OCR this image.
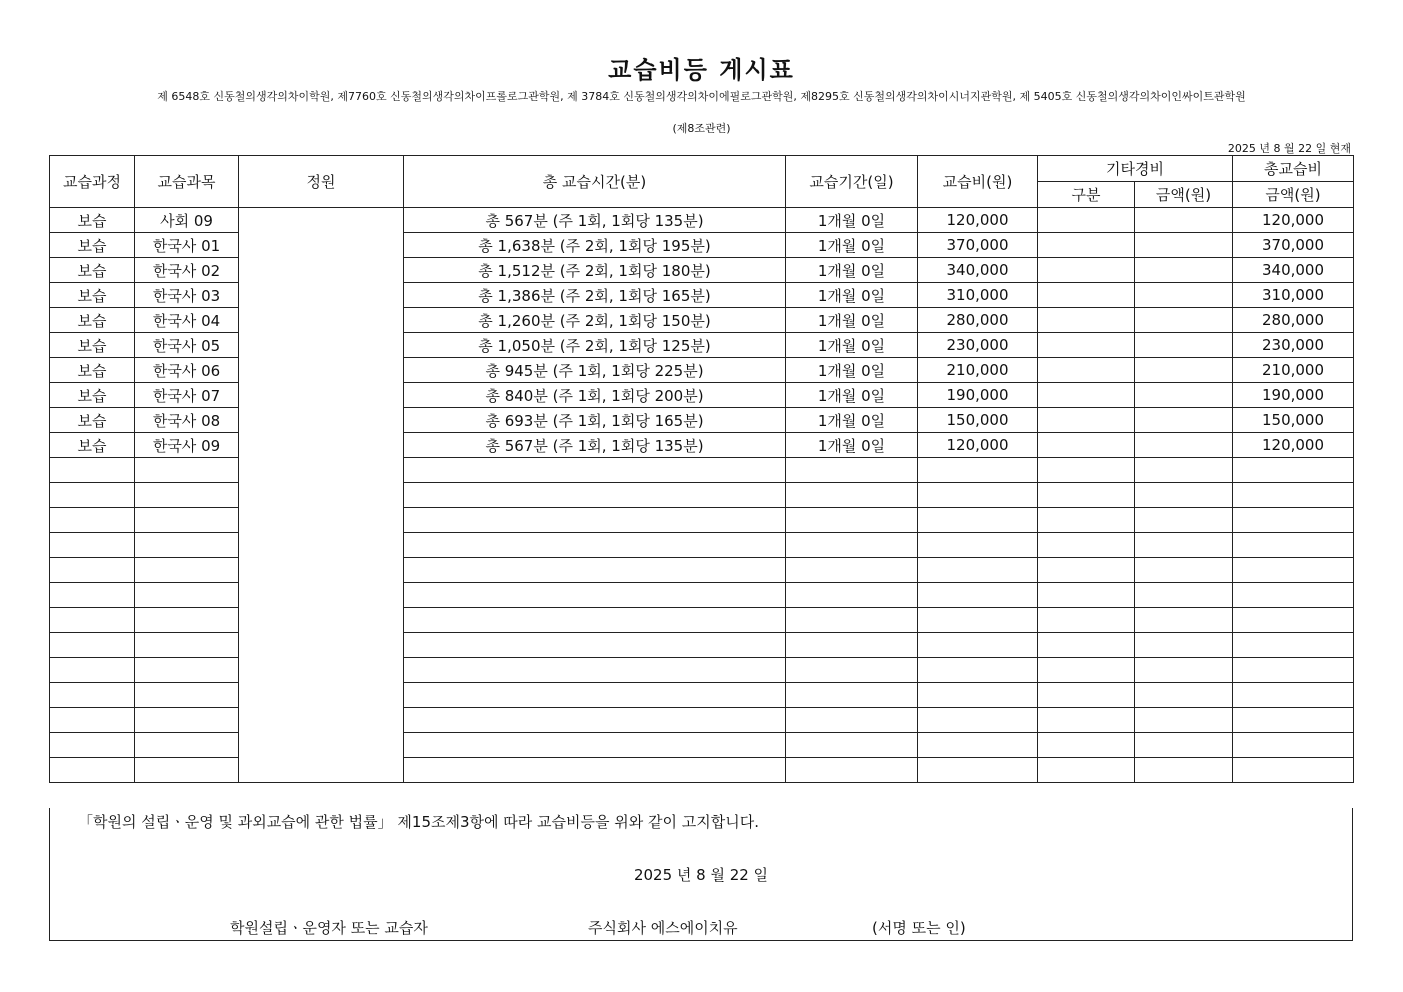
교습비등 게시표
제 6548호 신동철의생각의차이학원, 제7760호 신동철의생각의차이프롤로그관학원, 제 3784호 신동철의생각의차이에필로그관학원, 제8295호 신동철의생각의차이시너지관학원, 제 5405호 신동철의생각의차이인싸이트관학원
(제8조관련)
2025 년 8 월 22 일 현재
교습과정	교습과목	정원	총 교습시간(분)	교습기간(일)	교습비(원)	기타경비		총교습비
						구분	금액(원)	금액(원)
보습	사회 09		총 567분 (주 1회, 1회당 135분)	1개월 0일	120,000			120,000
보습	한국사 01		총 1,638분 (주 2회, 1회당 195분)	1개월 0일	370,000			370,000
보습	한국사 02		총 1,512분 (주 2회, 1회당 180분)	1개월 0일	340,000			340,000
보습	한국사 03		총 1,386분 (주 2회, 1회당 165분)	1개월 0일	310,000			310,000
보습	한국사 04		총 1,260분 (주 2회, 1회당 150분)	1개월 0일	280,000			280,000
보습	한국사 05		총 1,050분 (주 2회, 1회당 125분)	1개월 0일	230,000			230,000
보습	한국사 06		총 945분 (주 1회, 1회당 225분)	1개월 0일	210,000			210,000
보습	한국사 07		총 840분 (주 1회, 1회당 200분)	1개월 0일	190,000			190,000
보습	한국사 08		총 693분 (주 1회, 1회당 165분)	1개월 0일	150,000			150,000
보습	한국사 09		총 567분 (주 1회, 1회당 135분)	1개월 0일	120,000			120,000

「학원의 설립ㆍ운영 및 과외교습에 관한 법률」 제15조제3항에 따라 교습비등을 위와 같이 고지합니다.
2025 년 8 월 22 일
학원설립ㆍ운영자 또는 교습자	주식회사 에스에이치유	(서명 또는 인)
